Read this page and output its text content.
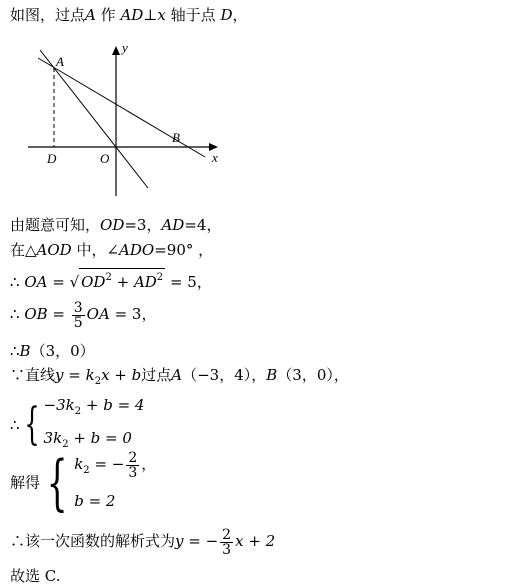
如图，过点A 作 AD⊥x 轴于点 D，
y
x
A
B
D	O
由题意可知，OD=3，AD=4，
在△AOD 中，∠ADO=90° ，
∴ OA = √ $OD^2 + AD^2 = 5$，
∴ OB = $\frac{3}{5}$ OA = 3，
∴B（3，0）
∵直线$y = k_2x + b$过点A（−3，4），B（3，0），
∴{ $-3k_2 + b = 4$
$3k_2 + b = 0$
解得 { $k_2$ = − $\frac{2}{3}$ ，
b = 2
∴该一次函数的解析式为y = − $\frac{2}{3}$ x + 2
故选 C.
